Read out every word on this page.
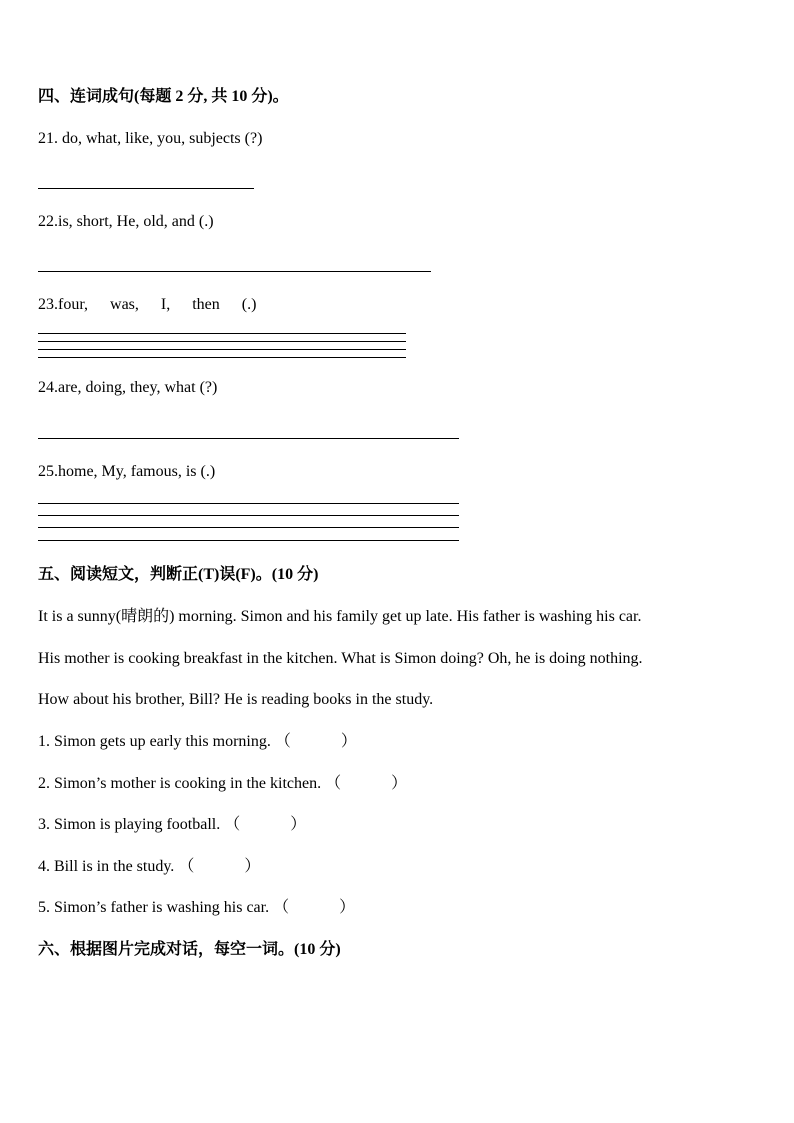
四、连词成句(每题 2 分, 共 10 分)。
21. do, what, like, you, subjects (?)
22.is, short, He, old, and (.)
23.four, was, I, then (.)
24.are, doing, they, what (?)
25.home, My, famous, is (.)
五、阅读短文，判断正(T)误(F)。(10 分)
It is a sunny(晴朗的) morning. Simon and his family get up late. His father is washing his car.
His mother is cooking breakfast in the kitchen. What is Simon doing? Oh, he is doing nothing.
How about his brother, Bill? He is reading books in the study.
1. Simon gets up early this morning. （	）
2. Simon’s mother is cooking in the kitchen. （	）
3. Simon is playing football. （	）
4. Bill is in the study. （	）
5. Simon’s father is washing his car. （	）
六、根据图片完成对话，每空一词。(10 分)
